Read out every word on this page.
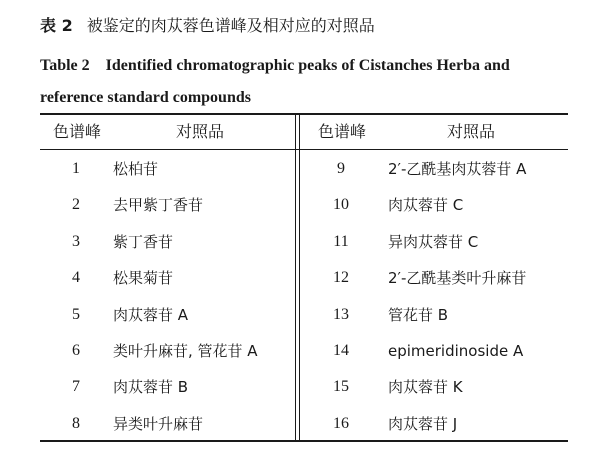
表 2 被鉴定的肉苁蓉色谱峰及相对应的对照品
Table 2 Identified chromatographic peaks of Cistanches Herba and reference standard compounds
色谱峰	对照品	色谱峰	对照品
1 松柏苷	9	2′-乙酰基肉苁蓉苷 A
2 去甲紫丁香苷	10	肉苁蓉苷 C
3 紫丁香苷	11	异肉苁蓉苷 C
4 松果菊苷	12	2′-乙酰基类叶升麻苷
5 肉苁蓉苷 A	13	管花苷 B
6 类叶升麻苷, 管花苷 A	14	epimeridinoside A
7 肉苁蓉苷 B	15	肉苁蓉苷 K
8 异类叶升麻苷	16	肉苁蓉苷 J
